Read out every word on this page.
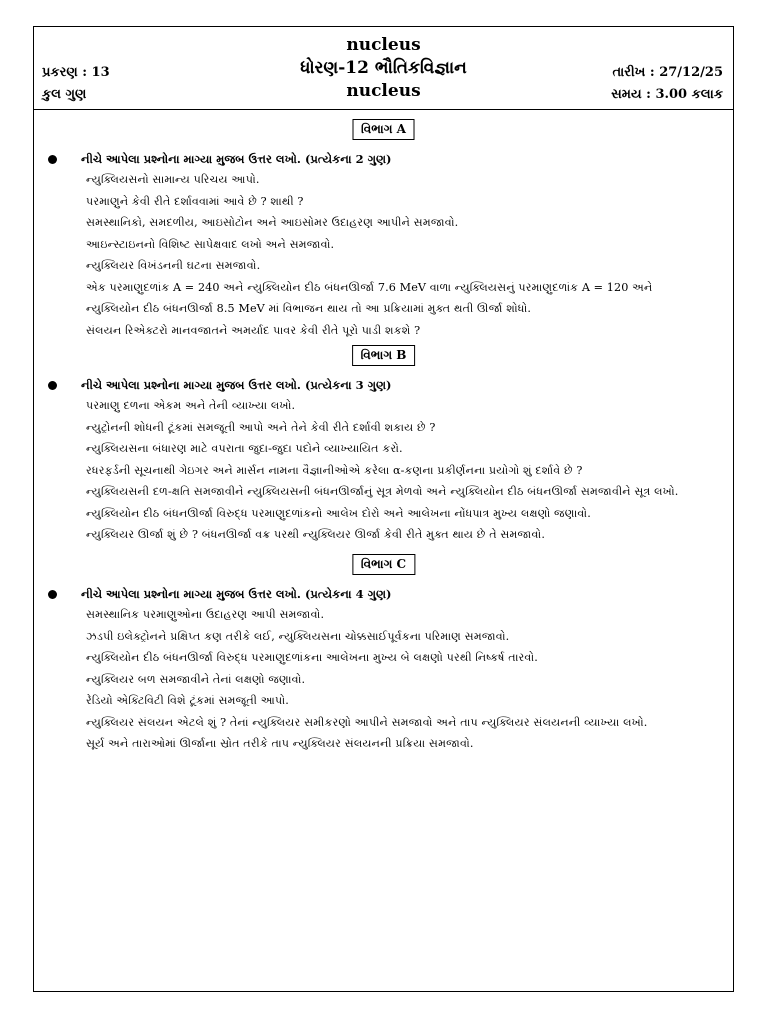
nucleus
ધોરણ-12 ભૌતિકવિજ્ઞાન
nucleus
પ્રકરણ : 13
કુલ ગુણ
તારીખ : 27/12/25
સમય : 3.00 કલાક
વિભાગ A
નીચે આપેલા પ્રશ્નોના માગ્યા મુજબ ઉત્તર લખો. (પ્રત્યેકના 2 ગુણ)
ન્યુક્લિયસનો સામાન્ય પરિચય આપો.
પરમાણુને કેવી રીતે દર્શાવવામાં આવે છે ? શાથી ?
સમસ્થાનિકો, સમદળીય, આઇસોટોન અને આઇસોમર ઉદાહરણ આપીને સમજાવો.
આઇન્સ્ટાઇનનો વિશિષ્ટ સાપેક્ષવાદ લખો અને સમજાવો.
ન્યુક્લિયર વિખંડનની ઘટના સમજાવો.
એક પરમાણુદળાંક A = 240 અને ન્યુક્લિયોન દીઠ બંધનઊર્જા 7.6 MeV વાળા ન્યુક્લિયસનું પરમાણુદળાંક A = 120 અને
ન્યુક્લિયોન દીઠ બંધનઊર્જા 8.5 MeV માં વિભાજન થાય તો આ પ્રક્રિયામાં મુક્ત થતી ઊર્જા શોધો.
સંલયન રિએક્ટરો માનવજાતને અમર્યાદ પાવર કેવી રીતે પૂરો પાડી શકશે ?
વિભાગ B
નીચે આપેલા પ્રશ્નોના માગ્યા મુજબ ઉત્તર લખો. (પ્રત્યેકના 3 ગુણ)
પરમાણુ દળના એકમ અને તેની વ્યાખ્યા લખો.
ન્યુટ્રોનની શોધની ટૂંકમાં સમજૂતી આપો અને તેને કેવી રીતે દર્શાવી શકાય છે ?
ન્યુક્લિયસના બંધારણ માટે વપરાતા જુદા-જુદા પદોને વ્યાખ્યાયિત કરો.
રધરફર્ડની સૂચનાથી ગેઇગર અને માર્સન નામના વૈજ્ઞાનીઓએ કરેલા α-કણના પ્રકીર્ણનના પ્રયોગો શું દર્શાવે છે ?
ન્યુક્લિયસની દળ-ક્ષતિ સમજાવીને ન્યુક્લિયસની બંધનઊર્જાનું સૂત્ર મેળવો અને ન્યુક્લિયોન દીઠ બંધનઊર્જા સમજાવીને સૂત્ર લખો.
ન્યુક્લિયોન દીઠ બંધનઊર્જા વિરુદ્ધ પરમાણુદળાંકનો આલેખ દોરો અને આલેખના નોંધપાત્ર મુખ્ય લક્ષણો જણાવો.
ન્યુક્લિયર ઊર્જા શું છે ? બંધનઊર્જા વક્ર પરથી ન્યુક્લિયર ઊર્જા કેવી રીતે મુક્ત થાય છે તે સમજાવો.
વિભાગ C
નીચે આપેલા પ્રશ્નોના માગ્યા મુજબ ઉત્તર લખો. (પ્રત્યેકના 4 ગુણ)
સમસ્થાનિક પરમાણુઓના ઉદાહરણ આપી સમજાવો.
ઝડપી ઇલેક્ટ્રોનને પ્રક્ષિપ્ત કણ તરીકે લઈ, ન્યુક્લિયસના ચોક્કસાઈપૂર્વકના પરિમાણ સમજાવો.
ન્યુક્લિયોન દીઠ બંધનઊર્જા વિરુદ્ધ પરમાણુદળાંકના આલેખના મુખ્ય બે લક્ષણો પરથી નિષ્કર્ષ તારવો.
ન્યુક્લિયર બળ સમજાવીને તેનાં લક્ષણો જણાવો.
રેડિયો એક્ટિવિટી વિશે ટૂંકમાં સમજૂતી આપો.
ન્યુક્લિયર સંલયન એટલે શું ? તેનાં ન્યુક્લિયર સમીકરણો આપીને સમજાવો અને તાપ ન્યુક્લિયર સંલયનની વ્યાખ્યા લખો.
સૂર્ય અને તારાઓમાં ઊર્જાના સ્રોત તરીકે તાપ ન્યુક્લિયર સંલયનની પ્રક્રિયા સમજાવો.
